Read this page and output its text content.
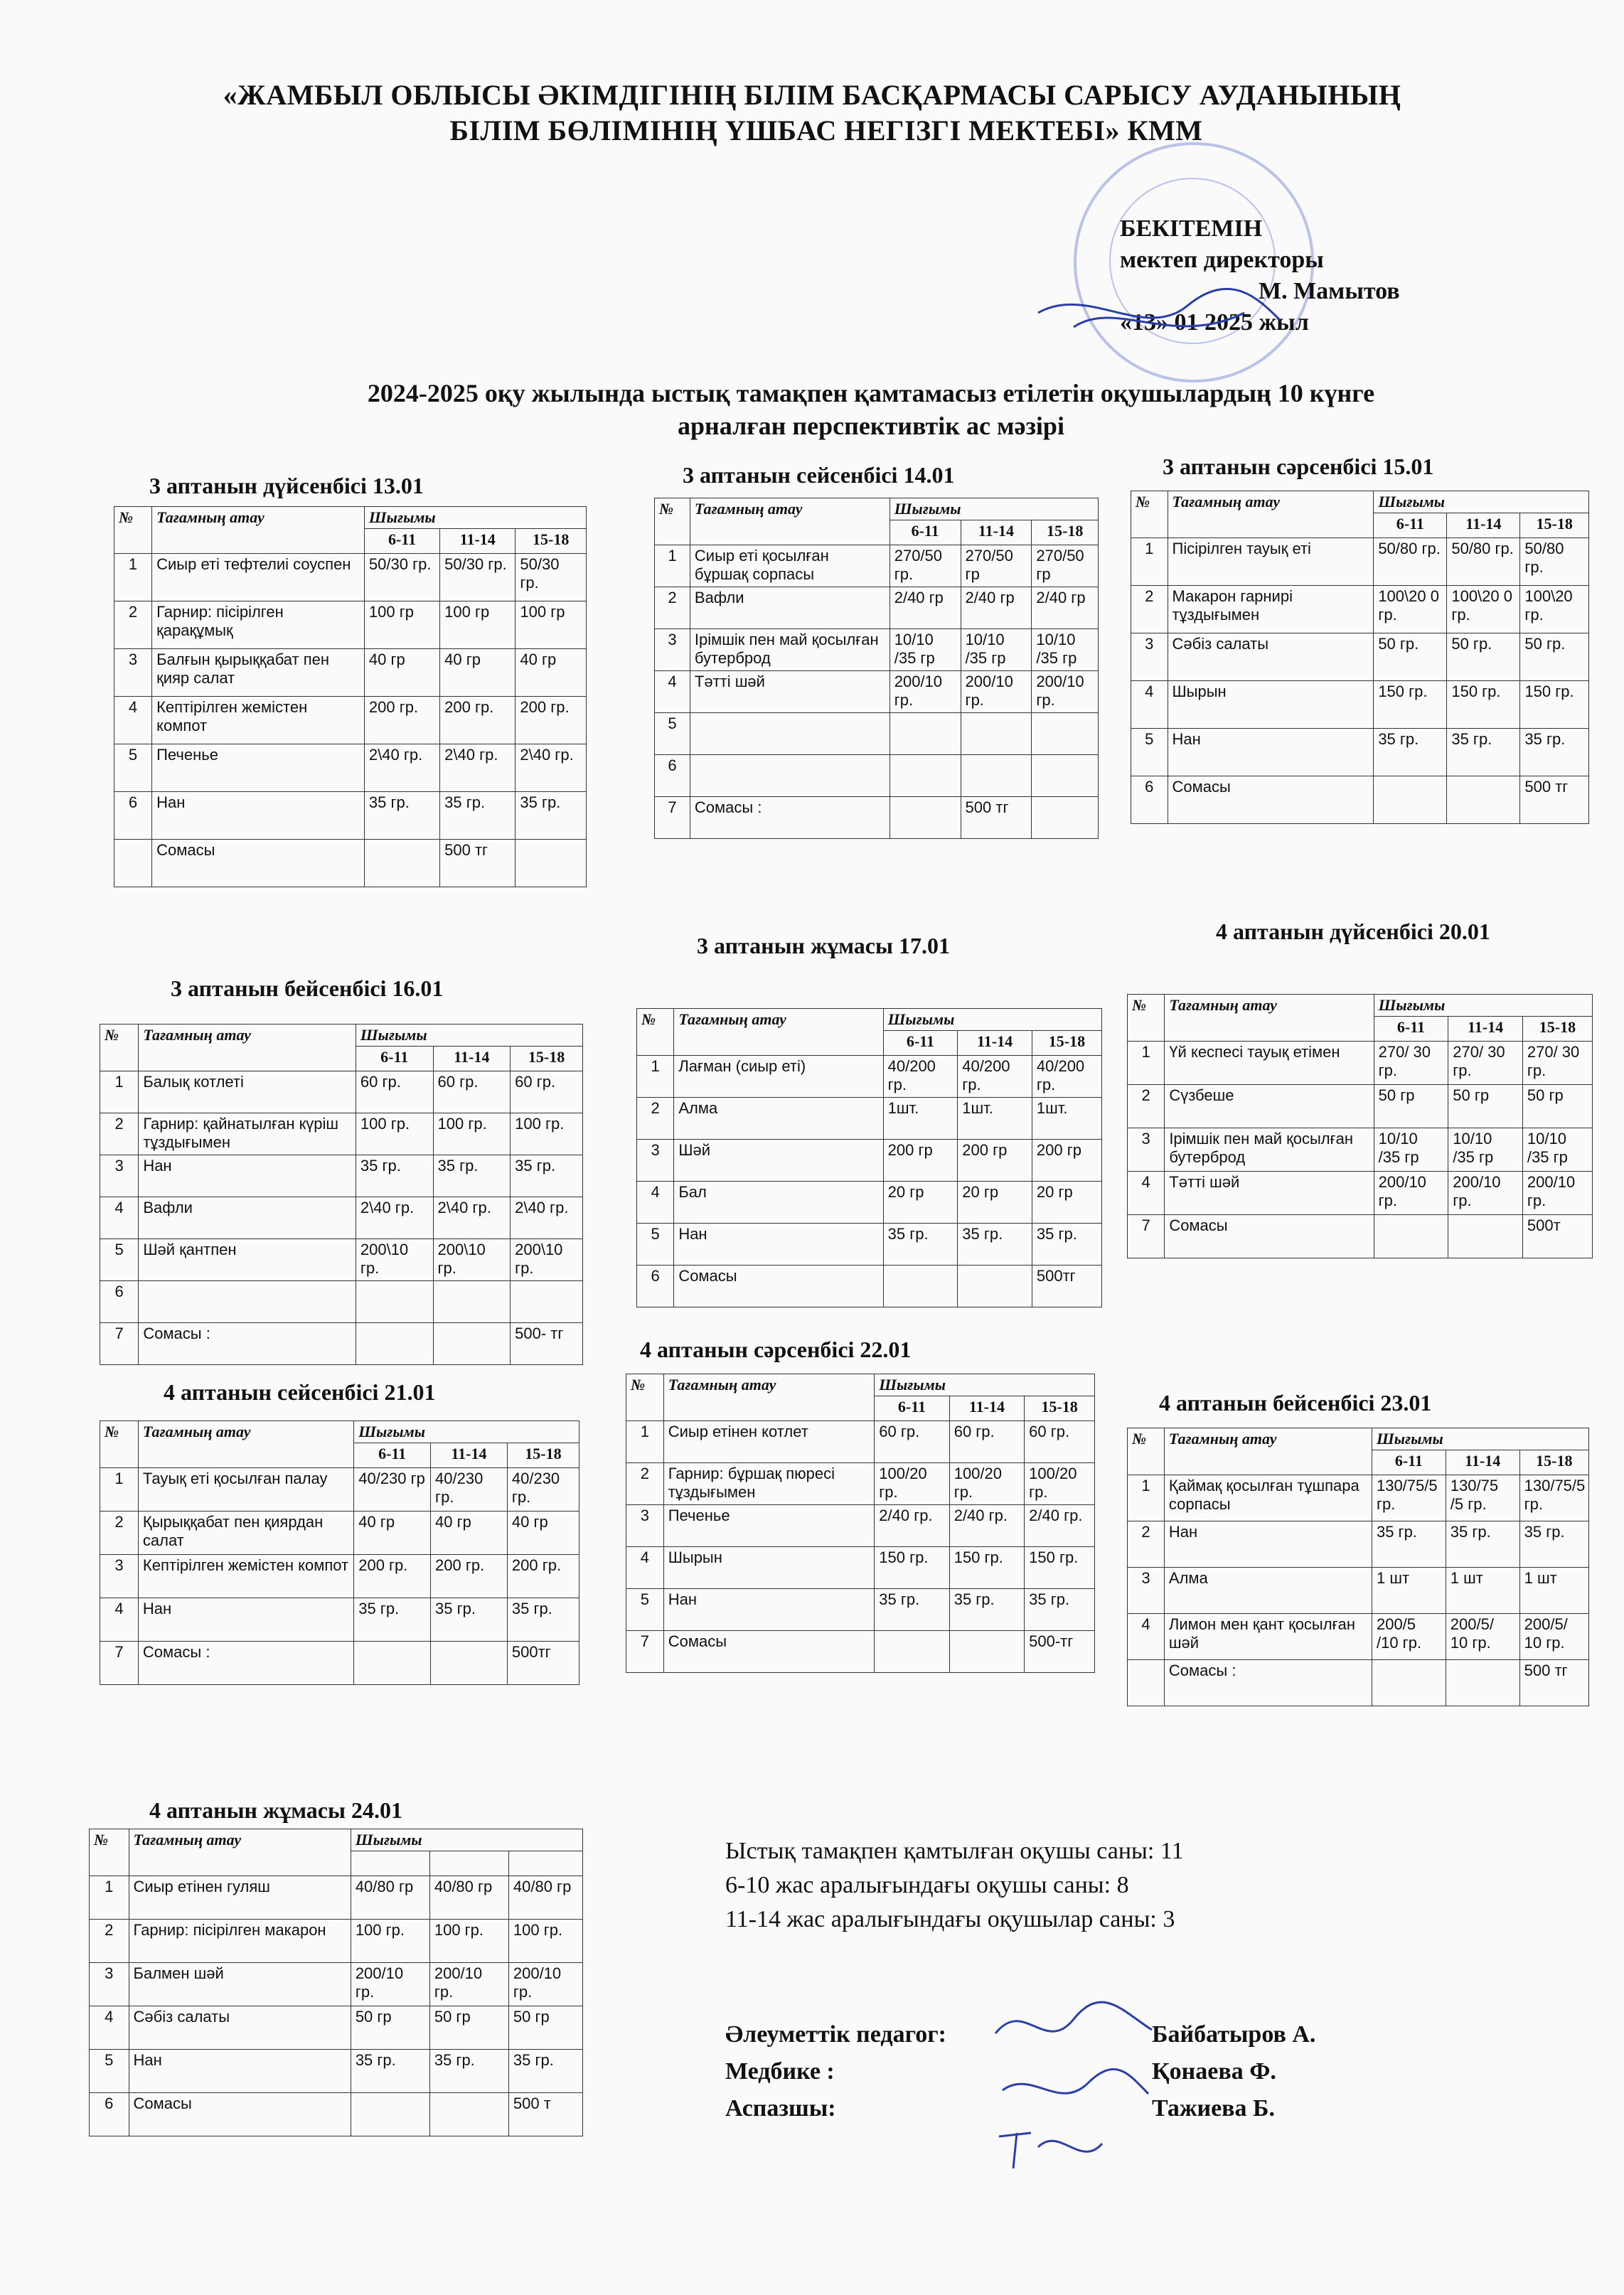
«ЖАМБЫЛ ОБЛЫСЫ ӘКІМДІГІНІҢ БІЛІМ БАСҚАРМАСЫ САРЫСУ АУДАНЫНЫҢ
БІЛІМ БӨЛІМІНІҢ ҮШБАС НЕГІЗГІ МЕКТЕБІ» КММ
БЕКІТЕМІН
мектеп директоры
М. Мамытов
«13» 01 2025 жыл
2024-2025 оқу жылында ыстық тамақпен қамтамасыз етілетін оқушылардың 10 күнге
арналған перспективтік ас мәзірі
3 аптанын дүйсенбісі 13.01	3 аптанын сейсенбісі 14.01	3 аптанын сәрсенбісі 15.01
3 аптанын бейсенбісі 16.01
3 аптанын жұмасы 17.01
4 аптанын дүйсенбісі 20.01
4 аптанын сейсенбісі 21.01
4 аптанын сәрсенбісі 22.01
4 аптанын бейсенбісі 23.01
4 аптанын жұмасы 24.01
№	Тағамның атау	Шығымы		
		6-11	11-14	15-18
1	Сиыр еті тефтелиі соуспен	50/30 гр.	50/30 гр.	50/30 гр.
2	Гарнир: пісірілген қарақұмық	100 гр	100 гр	100 гр
3	Балғын қырыққабат пен қияр салат	40 гр	40 гр	40 гр
4	Кептірілген жемістен компот	200 гр.	200 гр.	200 гр.
5	Печенье	2\40 гр.	2\40 гр.	2\40 гр.
6	Нан	35 гр.	35 гр.	35 гр.
	Сомасы		500 тг	
№	Тағамның атау	Шығымы		
		6-11	11-14	15-18
1	Сиыр еті қосылған бұршақ сорпасы	270/50 гр.	270/50 гр	270/50 гр
2	Вафли	2/40 гр	2/40 гр	2/40 гр
3	Ірімшік пен май қосылған бутерброд	10/10 /35 гр	10/10 /35 гр	10/10 /35 гр
4	Тәтті шәй	200/10 гр.	200/10 гр.	200/10 гр.
5				
6				
7	Сомасы :		500 тг	
№	Тағамның атау	Шығымы		
		6-11	11-14	15-18
1	Пісірілген тауық еті	50/80 гр.	50/80 гр.	50/80 гр.
2	Макарон гарнирі тұздығымен	100\20 0 гр.	100\20 0 гр.	100\20 гр.
3	Сәбіз салаты	50 гр.	50 гр.	50 гр.
4	Шырын	150 гр.	150 гр.	150 гр.
5	Нан	35 гр.	35 гр.	35 гр.
6	Сомасы			500 тг
№	Тағамның атау	Шығымы		
		6-11	11-14	15-18
1	Балық котлеті	60 гр.	60 гр.	60 гр.
2	Гарнир: қайнатылған күріш тұздығымен	100 гр.	100 гр.	100 гр.
3	Нан	35 гр.	35 гр.	35 гр.
4	Вафли	2\40 гр.	2\40 гр.	2\40 гр.
5	Шәй қантпен	200\10 гр.	200\10 гр.	200\10 гр.
6				
7	Сомасы :			500- тг
№	Тағамның атау	Шығымы		
		6-11	11-14	15-18
1	Лағман (сиыр еті)	40/200 гр.	40/200 гр.	40/200 гр.
2	Алма	1шт.	1шт.	1шт.
3	Шәй	200 гр	200 гр	200 гр
4	Бал	20 гр	20 гр	20 гр
5	Нан	35 гр.	35 гр.	35 гр.
6	Сомасы			500тг
№	Тағамның атау	Шығымы		
		6-11	11-14	15-18
1	Үй кеспесі тауық етімен	270/ 30 гр.	270/ 30 гр.	270/ 30 гр.
2	Сүзбеше	50 гр	50 гр	50 гр
3	Ірімшік пен май қосылған бутерброд	10/10 /35 гр	10/10 /35 гр	10/10 /35 гр
4	Тәтті шәй	200/10 гр.	200/10 гр.	200/10 гр.
7	Сомасы			500т
№	Тағамның атау	Шығымы		
		6-11	11-14	15-18
1	Тауық еті қосылған палау	40/230 гр	40/230 гр.	40/230 гр.
2	Қырыққабат пен қиярдан салат	40 гр	40 гр	40 гр
3	Кептірілген жемістен компот	200 гр.	200 гр.	200 гр.
4	Нан	35 гр.	35 гр.	35 гр.
7	Сомасы :			500тг
№	Тағамның атау	Шығымы		
		6-11	11-14	15-18
1	Сиыр етінен котлет	60 гр.	60 гр.	60 гр.
2	Гарнир: бұршақ пюресі тұздығымен	100/20 гр.	100/20 гр.	100/20 гр.
3	Печенье	2/40 гр.	2/40 гр.	2/40 гр.
4	Шырын	150 гр.	150 гр.	150 гр.
5	Нан	35 гр.	35 гр.	35 гр.
7	Сомасы			500-тг
№	Тағамның атау	Шығымы		
		6-11	11-14	15-18
1	Қаймақ қосылған тұшпара сорпасы	130/75/5 гр.	130/75 /5 гр.	130/75/5 гр.
2	Нан	35 гр.	35 гр.	35 гр.
3	Алма	1 шт	1 шт	1 шт
4	Лимон мен қант қосылған шәй	200/5 /10 гр.	200/5/ 10 гр.	200/5/ 10 гр.
	Сомасы :			500 тг
№	Тағамның атау	Шығымы		

1	Сиыр етінен гуляш	40/80 гр	40/80 гр	40/80 гр
2	Гарнир: пісірілген макарон	100 гр.	100 гр.	100 гр.
3	Балмен шәй	200/10 гр.	200/10 гр.	200/10 гр.
4	Сәбіз салаты	50 гр	50 гр	50 гр
5	Нан	35 гр.	35 гр.	35 гр.
6	Сомасы			500 т
Ыстық тамақпен қамтылған оқушы саны: 11
6-10 жас аралығындағы оқушы саны: 8
11-14 жас аралығындағы оқушылар саны: 3
Әлеуметтік педагог:	Байбатыров А.
Медбике :	Қонаева Ф.
Аспазшы:	Тажиева Б.
